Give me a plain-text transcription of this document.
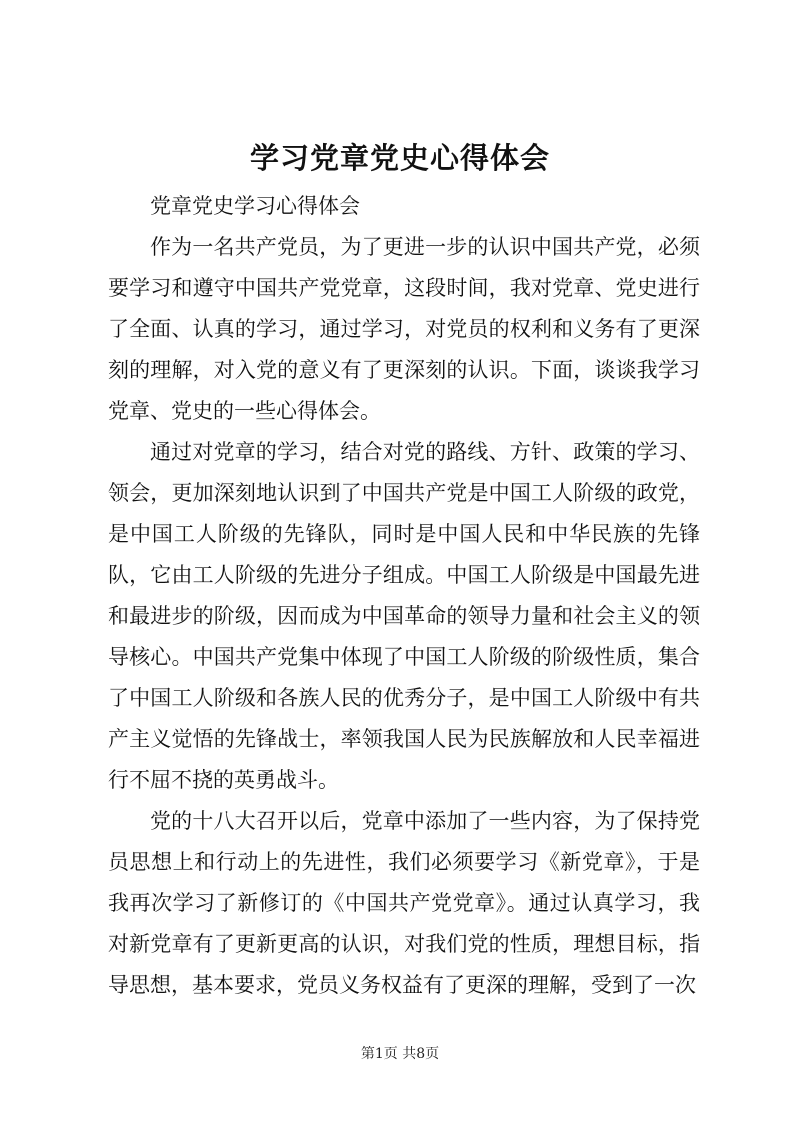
学习党章党史心得体会

党章党史学习心得体会

作为一名共产党员，为了更进一步的认识中国共产党，必须要学习和遵守中国共产党党章，这段时间，我对党章、党史进行了全面、认真的学习，通过学习，对党员的权利和义务有了更深刻的理解，对入党的意义有了更深刻的认识。下面，谈谈我学习党章、党史的一些心得体会。

通过对党章的学习，结合对党的路线、方针、政策的学习、领会，更加深刻地认识到了中国共产党是中国工人阶级的政党，是中国工人阶级的先锋队，同时是中国人民和中华民族的先锋队，它由工人阶级的先进分子组成。中国工人阶级是中国最先进和最进步的阶级，因而成为中国革命的领导力量和社会主义的领导核心。中国共产党集中体现了中国工人阶级的阶级性质，集合了中国工人阶级和各族人民的优秀分子，是中国工人阶级中有共产主义觉悟的先锋战士，率领我国人民为民族解放和人民幸福进行不屈不挠的英勇战斗。

党的十八大召开以后，党章中添加了一些内容，为了保持党员思想上和行动上的先进性，我们必须要学习《新党章》，于是我再次学习了新修订的《中国共产党党章》。通过认真学习，我对新党章有了更新更高的认识，对我们党的性质，理想目标，指导思想，基本要求，党员义务权益有了更深的理解，受到了一次

第1页 共8页
